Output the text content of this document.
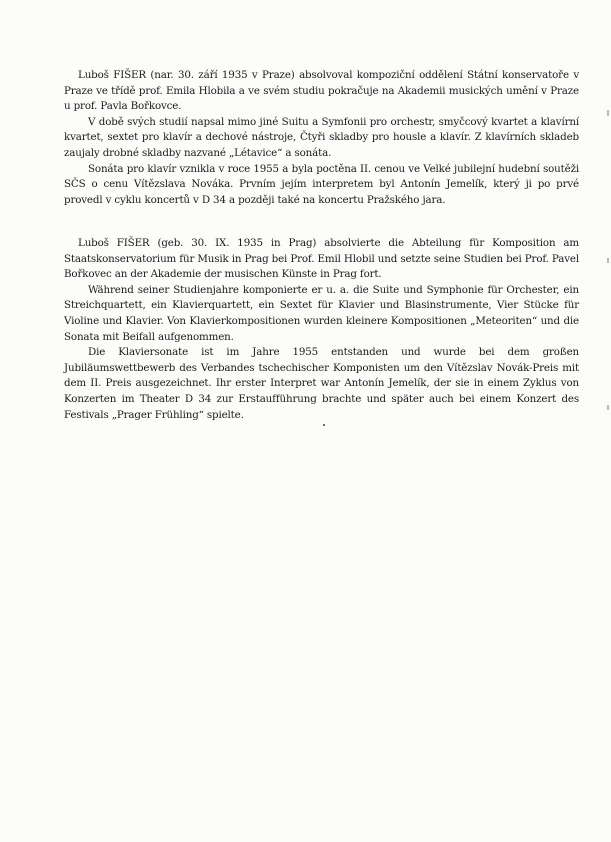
Luboš FIŠER (nar. 30. září 1935 v Praze) absolvoval kompoziční oddělení Státní konservatoře v Praze ve třídě prof. Emila Hlobila a ve svém studiu pokračuje na Akademii musických umění v Praze u prof. Pavla Bořkovce.

V době svých studií napsal mimo jiné Suitu a Symfonii pro orchestr, smyčcový kvartet a klavírní kvartet, sextet pro klavír a dechové nástroje, Čtyři skladby pro housle a klavír. Z klavírních skladeb zaujaly drobné skladby nazvané „Létavice“ a sonáta.

Sonáta pro klavír vznikla v roce 1955 a byla poctěna II. cenou ve Velké jubilejní hudební soutěži SČS o cenu Vítězslava Nováka. Prvním jejím interpretem byl Antonín Jemelík, který ji po prvé provedl v cyklu koncertů v D 34 a později také na koncertu Pražského jara.

Luboš FIŠER (geb. 30. IX. 1935 in Prag) absolvierte die Abteilung für Komposition am Staatskonservatorium für Musik in Prag bei Prof. Emil Hlobil und setzte seine Studien bei Prof. Pavel Bořkovec an der Akademie der musischen Künste in Prag fort.

Während seiner Studienjahre komponierte er u. a. die Suite und Symphonie für Orchester, ein Streichquartett, ein Klavierquartett, ein Sextet für Klavier und Blasinstrumente, Vier Stücke für Violine und Klavier. Von Klavierkompositionen wurden kleinere Kompositionen „Meteoriten“ und die Sonata mit Beifall aufgenommen.

Die Klaviersonate ist im Jahre 1955 entstanden und wurde bei dem großen Jubiläumswettbewerb des Verbandes tschechischer Komponisten um den Vítězslav Novák-Preis mit dem II. Preis ausgezeichnet. Ihr erster Interpret war Antonín Jemelík, der sie in einem Zyklus von Konzerten im Theater D 34 zur Erstaufführung brachte und später auch bei einem Konzert des Festivals „Prager Frühling“ spielte.
